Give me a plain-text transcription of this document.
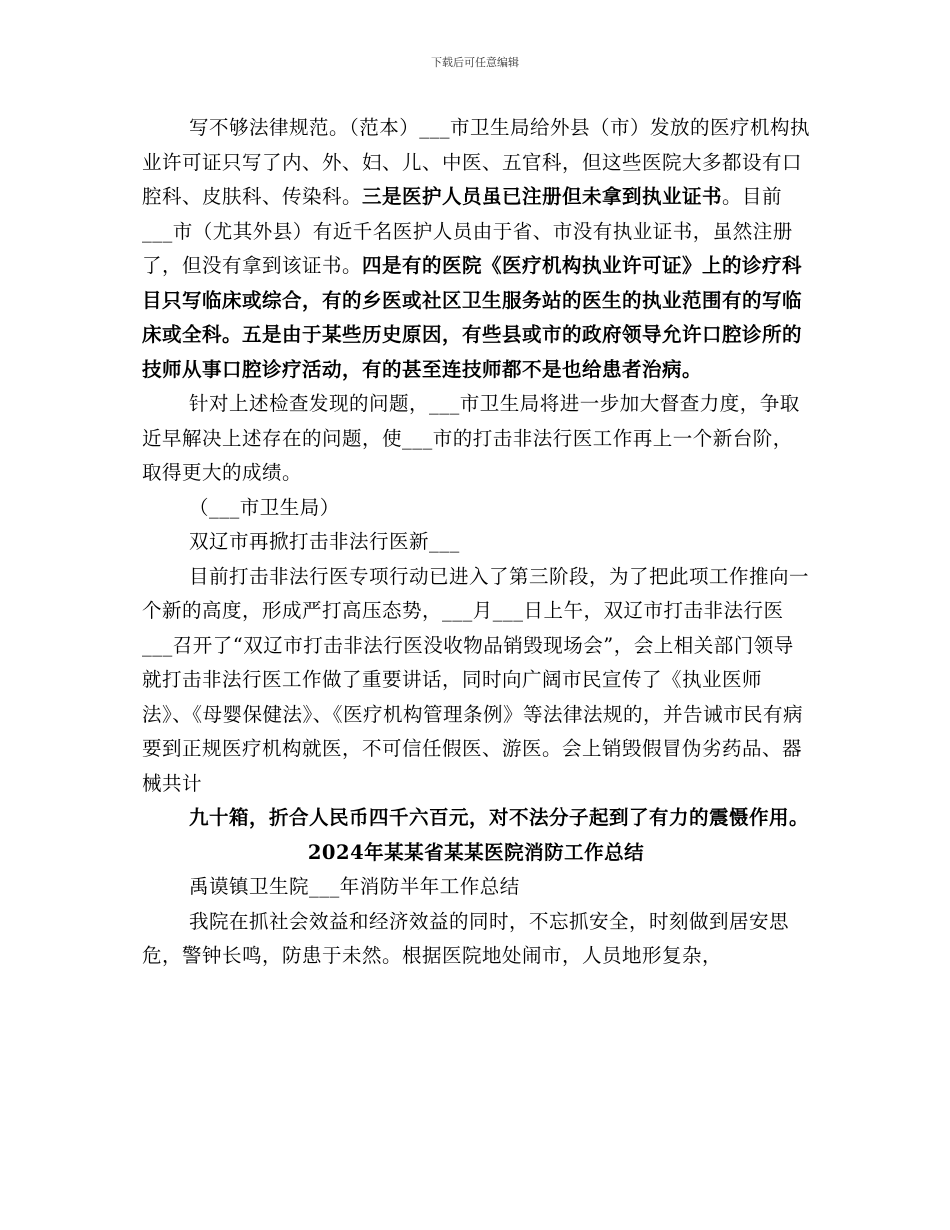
下载后可任意编辑

写不够法律规范。（范本）___市卫生局给外县（市）发放的医疗机构执业许可证只写了内、外、妇、儿、中医、五官科，但这些医院大多都设有口腔科、皮肤科、传染科。三是医护人员虽已注册但未拿到执业证书。目前___市（尤其外县）有近千名医护人员由于省、市没有执业证书，虽然注册了，但没有拿到该证书。四是有的医院《医疗机构执业许可证》上的诊疗科目只写临床或综合，有的乡医或社区卫生服务站的医生的执业范围有的写临床或全科。五是由于某些历史原因，有些县或市的政府领导允许口腔诊所的技师从事口腔诊疗活动，有的甚至连技师都不是也给患者治病。

针对上述检查发现的问题，___市卫生局将进一步加大督查力度，争取近早解决上述存在的问题，使___市的打击非法行医工作再上一个新台阶，取得更大的成绩。

（___市卫生局）

双辽市再掀打击非法行医新___

目前打击非法行医专项行动已进入了第三阶段，为了把此项工作推向一个新的高度，形成严打高压态势，___月___日上午，双辽市打击非法行医___召开了“双辽市打击非法行医没收物品销毁现场会”，会上相关部门领导就打击非法行医工作做了重要讲话，同时向广阔市民宣传了《执业医师法》、《母婴保健法》、《医疗机构管理条例》等法律法规的，并告诫市民有病要到正规医疗机构就医，不可信任假医、游医。会上销毁假冒伪劣药品、器械共计

九十箱，折合人民币四千六百元，对不法分子起到了有力的震慑作用。

2024年某某省某某医院消防工作总结

禹谟镇卫生院___年消防半年工作总结

我院在抓社会效益和经济效益的同时，不忘抓安全，时刻做到居安思危，警钟长鸣，防患于未然。根据医院地处闹市，人员地形复杂，
